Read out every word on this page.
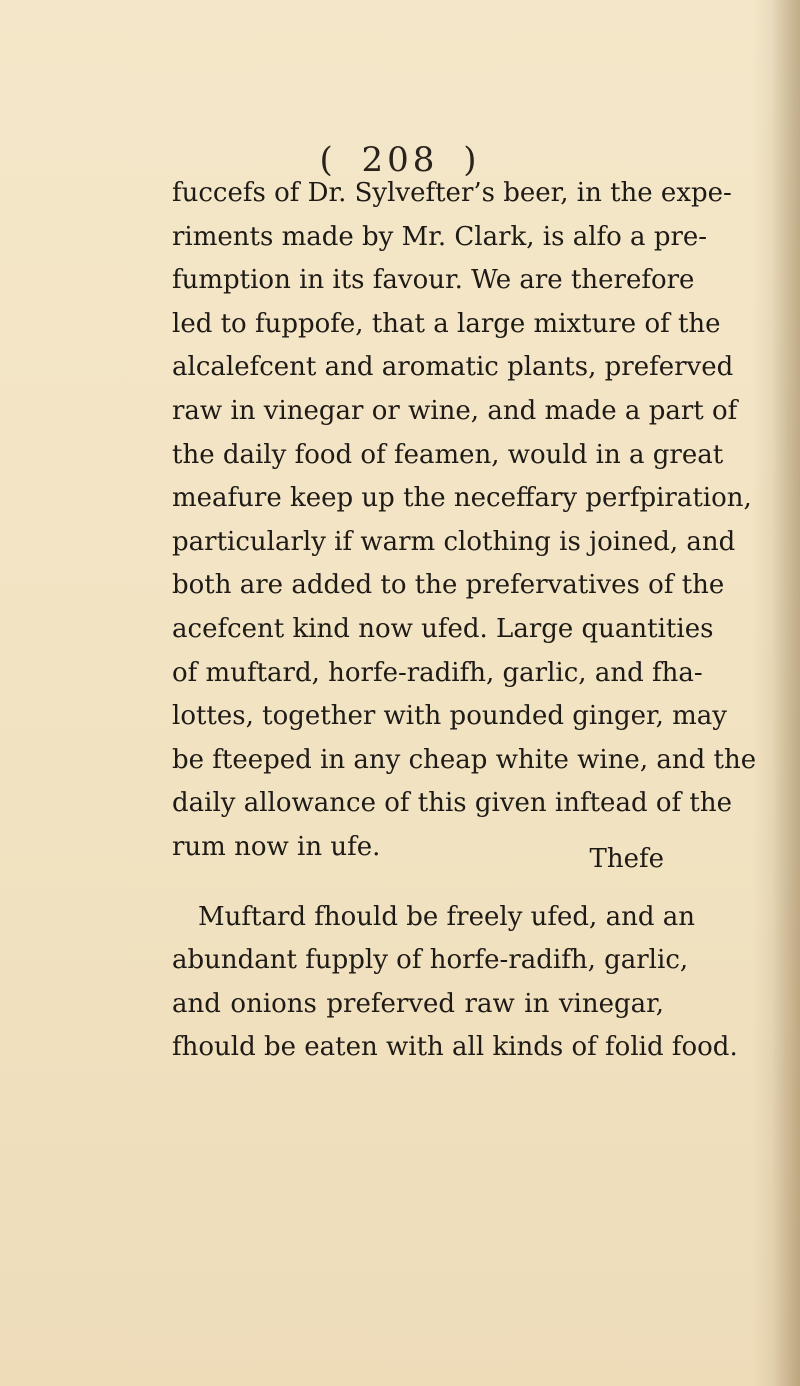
( 208 )
fuccefs of Dr. Sylvefter’s beer, in the expe-
riments made by Mr. Clark, is alfo a pre-
fumption in its favour. We are therefore
led to fuppofe, that a large mixture of the
alcalefcent and aromatic plants, preferved
raw in vinegar or wine, and made a part of
the daily food of feamen, would in a great
meafure keep up the neceffary perfpiration,
particularly if warm clothing is joined, and
both are added to the prefervatives of the
acefcent kind now ufed. Large quantities
of muftard, horfe-radifh, garlic, and fha-
lottes, together with pounded ginger, may
be fteeped in any cheap white wine, and the
daily allowance of this given inftead of the
rum now in ufe.
Muftard fhould be freely ufed, and an
abundant fupply of horfe-radifh, garlic,
and onions preferved raw in vinegar,
fhould be eaten with all kinds of folid food.
Thefe
